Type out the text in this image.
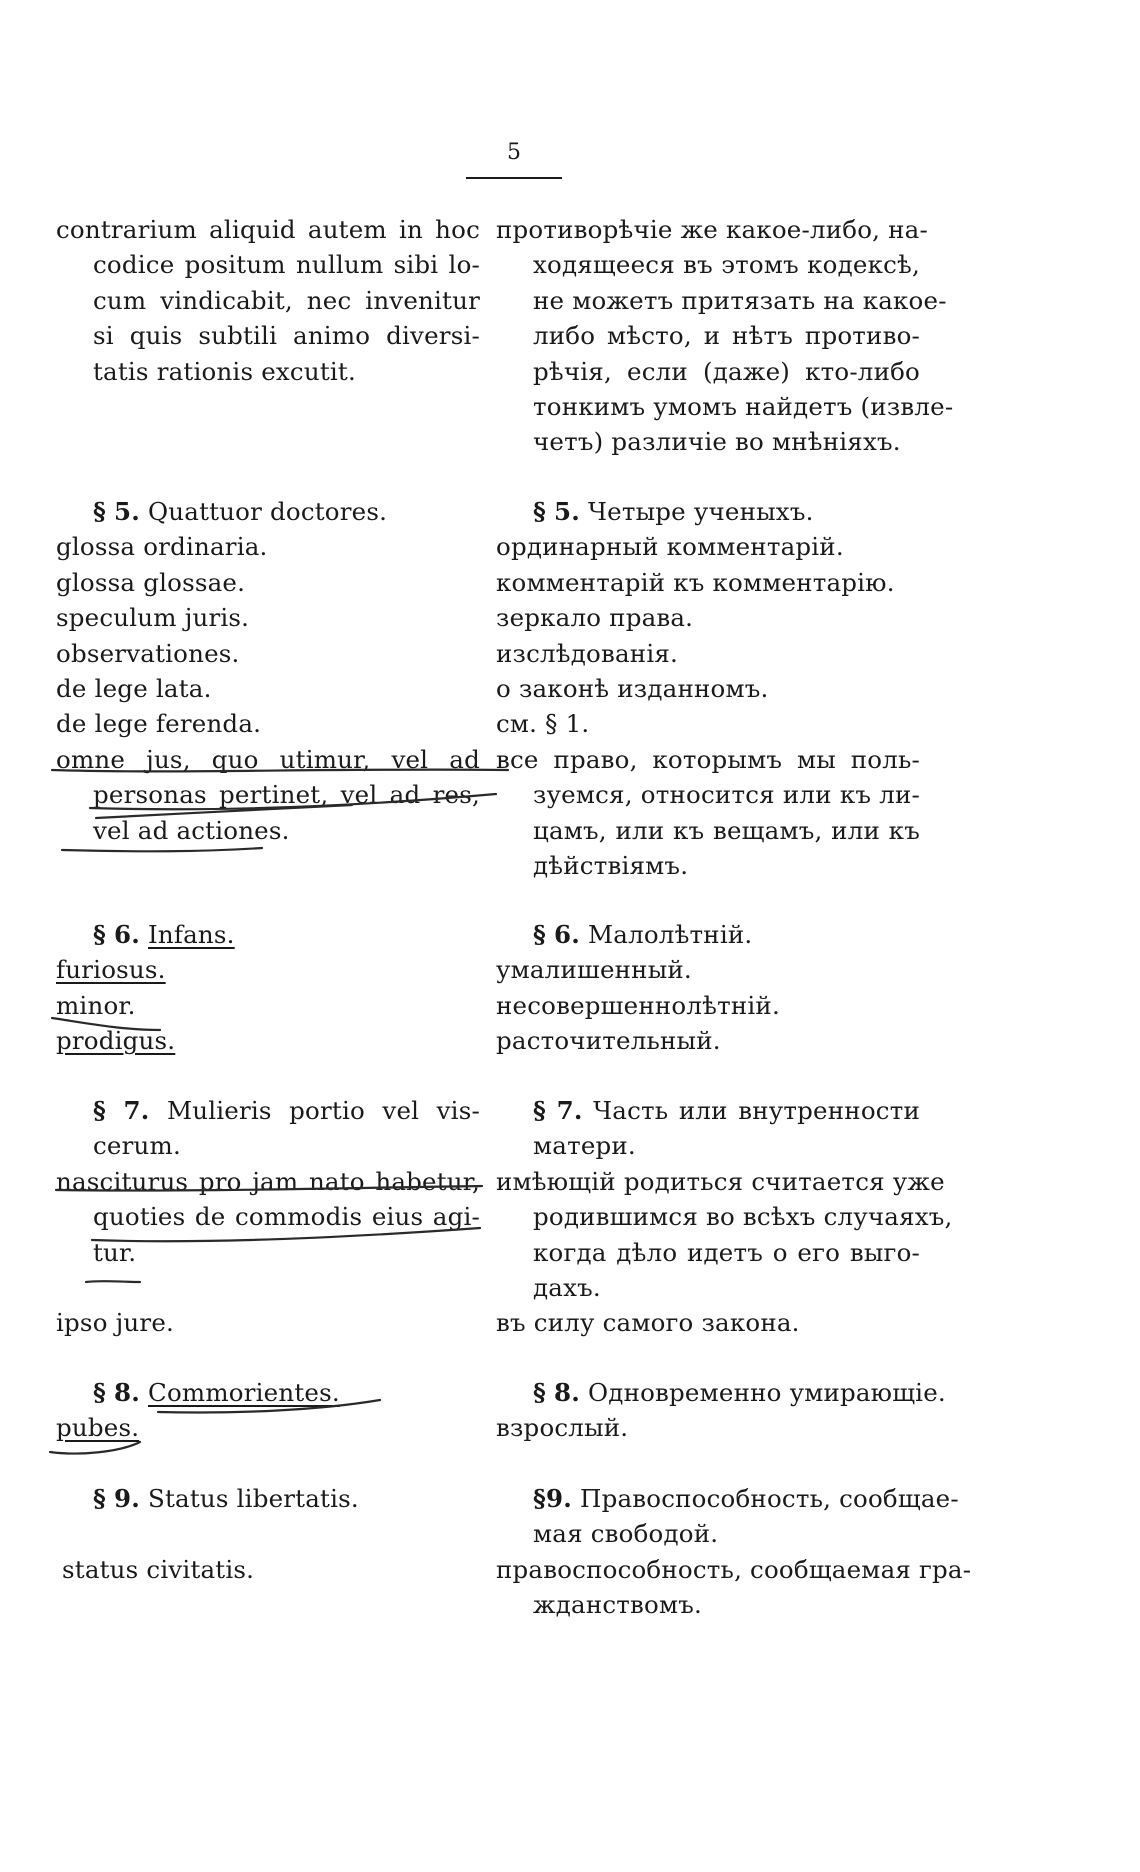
5
contrarium aliquid autem in hoc
codice positum nullum sibi lo-
cum vindicabit, nec invenitur
si quis subtili animo diversi-
tatis rationis excutit.
противорѣчіе же какое-либо, на-
ходящееся въ этомъ кодексѣ,
не можетъ притязать на какое-
либо мѣсто, и нѣтъ противо-
рѣчія, если (даже) кто-либо
тонкимъ умомъ найдетъ (извле-
четъ) различіе во мнѣніяхъ.
§ 5. Quattuor doctores.
glossa ordinaria.
glossa glossae.
speculum juris.
observationes.
de lege lata.
de lege ferenda.
omne jus, quo utimur, vel ad
personas pertinet, vel ad res,
vel ad actiones.
§ 5. Четыре ученыхъ.
ординарный комментарій.
комментарій къ комментарію.
зеркало права.
изслѣдованія.
о законѣ изданномъ.
см. § 1.
все право, которымъ мы поль-
зуемся, относится или къ ли-
цамъ, или къ вещамъ, или къ
дѣйствіямъ.
§ 6. Infans.
furiosus.
minor.
prodigus.
§ 6. Малолѣтній.
умалишенный.
несовершеннолѣтній.
расточительный.
§ 7. Mulieris portio vel vis-
cerum.
nasciturus pro jam nato habetur,
quoties de commodis eius agi-
tur.
ipso jure.
§ 7. Часть или внутренности
матери.
имѣющій родиться считается уже
родившимся во всѣхъ случаяхъ,
когда дѣло идетъ о его выго-
дахъ.
въ силу самого закона.
§ 8. Commorientes.
pubes.
§ 8. Одновременно умирающіе.
взрослый.
§ 9. Status libertatis.
status civitatis.
§9. Правоспособность, сообщае-
мая свободой.
правоспособность, сообщаемая гра-
жданствомъ.
